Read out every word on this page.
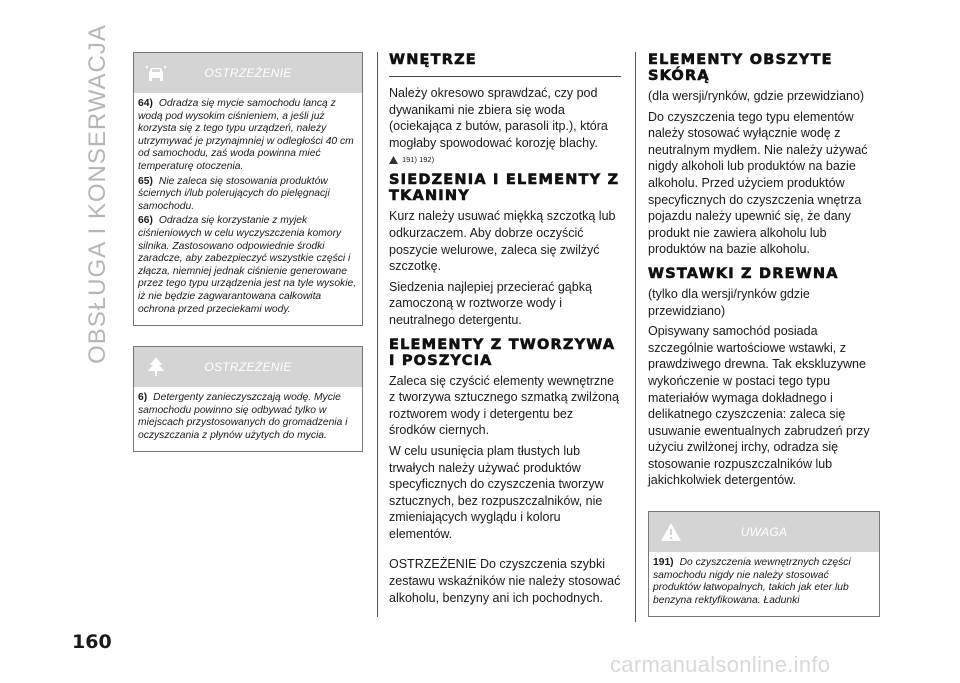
OBSŁUGA I KONSERWACJA	OSTRZEŻENIE

64) Odradza się mycie samochodu lancą z wodą pod wysokim ciśnieniem, a jeśli już korzysta się z tego typu urządzeń, należy utrzymywać je przynajmniej w odległości 40 cm od samochodu, zaś woda powinna mieć temperaturę otoczenia.

65) Nie zaleca się stosowania produktów ściernych i/lub polerujących do pielęgnacji samochodu.

66) Odradza się korzystanie z myjek ciśnieniowych w celu wyczyszczenia komory silnika. Zastosowano odpowiednie środki zaradcze, aby zabezpieczyć wszystkie części i złącza, niemniej jednak ciśnienie generowane przez tego typu urządzenia jest na tyle wysokie, iż nie będzie zagwarantowana całkowita ochrona przed przeciekami wody.

OSTRZEŻENIE

6) Detergenty zanieczyszczają wodę. Mycie samochodu powinno się odbywać tylko w miejscach przystosowanych do gromadzenia i oczyszczania z płynów użytych do mycia.

WNĘTRZE

Należy okresowo sprawdzać, czy pod dywanikami nie zbiera się woda (ociekająca z butów, parasoli itp.), która mogłaby spowodować korozję blachy.

191) 192)
SIEDZENIA I ELEMENTY Z TKANINY

Kurz należy usuwać miękką szczotką lub odkurzaczem. Aby dobrze oczyścić poszycie welurowe, zaleca się zwilżyć szczotkę.

Siedzenia najlepiej przecierać gąbką zamoczoną w roztworze wody i neutralnego detergentu.

ELEMENTY Z TWORZYWA I POSZYCIA

Zaleca się czyścić elementy wewnętrzne z tworzywa sztucznego szmatką zwilżoną roztworem wody i detergentu bez środków ciernych.

W celu usunięcia plam tłustych lub trwałych należy używać produktów specyficznych do czyszczenia tworzyw sztucznych, bez rozpuszczalników, nie zmieniających wyglądu i koloru elementów.

OSTRZEŻENIE Do czyszczenia szybki zestawu wskaźników nie należy stosować alkoholu, benzyny ani ich pochodnych.

ELEMENTY OBSZYTE SKÓRĄ

(dla wersji/rynków, gdzie przewidziano)

Do czyszczenia tego typu elementów należy stosować wyłącznie wodę z neutralnym mydłem. Nie należy używać nigdy alkoholi lub produktów na bazie alkoholu. Przed użyciem produktów specyficznych do czyszczenia wnętrza pojazdu należy upewnić się, że dany produkt nie zawiera alkoholu lub produktów na bazie alkoholu.

WSTAWKI Z DREWNA

(tylko dla wersji/rynków gdzie przewidziano)

Opisywany samochód posiada szczególnie wartościowe wstawki, z prawdziwego drewna. Tak ekskluzywne wykończenie w postaci tego typu materiałów wymaga dokładnego i delikatnego czyszczenia: zaleca się usuwanie ewentualnych zabrudzeń przy użyciu zwilżonej irchy, odradza się stosowanie rozpuszczalników lub jakichkolwiek detergentów.

UWAGA

191) Do czyszczenia wewnętrznych części samochodu nigdy nie należy stosować produktów łatwopalnych, takich jak eter lub benzyna rektyfikowana. Ładunki

160
carmanualsonline.info
